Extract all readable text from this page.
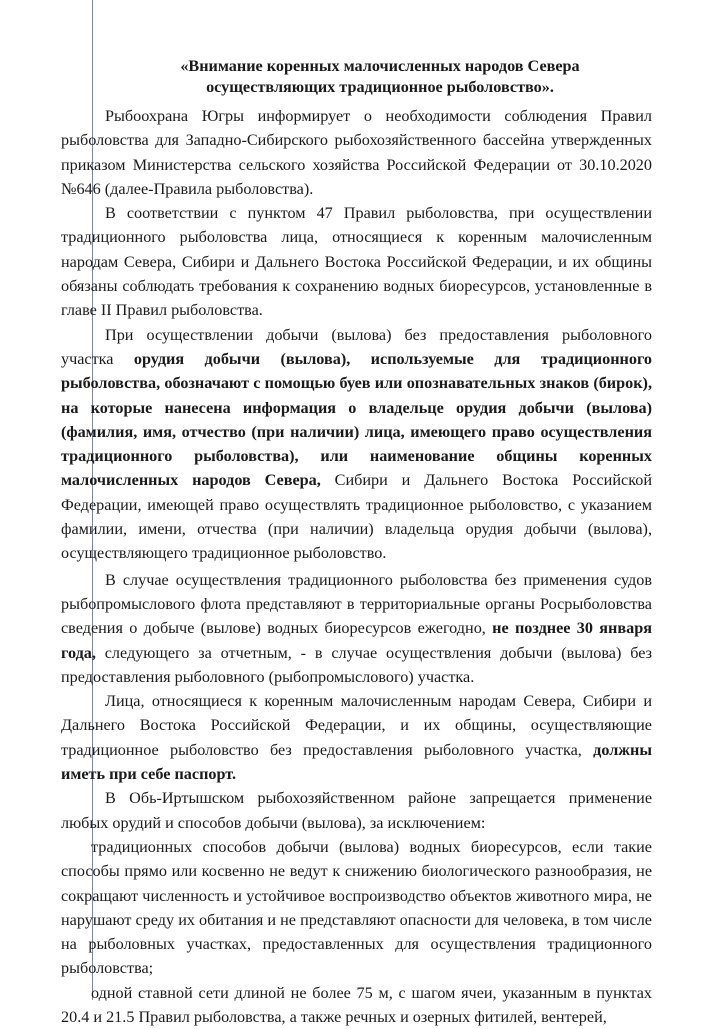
«Внимание коренных малочисленных народов Севера
осуществляющих традиционное рыболовство».

Рыбоохрана Югры информирует о необходимости соблюдения Правил рыболовства для Западно-Сибирского рыбохозяйственного бассейна утвержденных приказом Министерства сельского хозяйства Российской Федерации от 30.10.2020 №646 (далее-Правила рыболовства).

В соответствии с пунктом 47 Правил рыболовства, при осуществлении традиционного рыболовства лица, относящиеся к коренным малочисленным народам Севера, Сибири и Дальнего Востока Российской Федерации, и их общины обязаны соблюдать требования к сохранению водных биоресурсов, установленные в главе II Правил рыболовства.

При осуществлении добычи (вылова) без предоставления рыболовного участка орудия добычи (вылова), используемые для традиционного рыболовства, обозначают с помощью буев или опознавательных знаков (бирок), на которые нанесена информация о владельце орудия добычи (вылова) (фамилия, имя, отчество (при наличии) лица, имеющего право осуществления традиционного рыболовства), или наименование общины коренных малочисленных народов Севера, Сибири и Дальнего Востока Российской Федерации, имеющей право осуществлять традиционное рыболовство, с указанием фамилии, имени, отчества (при наличии) владельца орудия добычи (вылова), осуществляющего традиционное рыболовство.

В случае осуществления традиционного рыболовства без применения судов рыбопромыслового флота представляют в территориальные органы Росрыболовства сведения о добыче (вылове) водных биоресурсов ежегодно, не позднее 30 января года, следующего за отчетным, - в случае осуществления добычи (вылова) без предоставления рыболовного (рыбопромыслового) участка.

Лица, относящиеся к коренным малочисленным народам Севера, Сибири и Дальнего Востока Российской Федерации, и их общины, осуществляющие традиционное рыболовство без предоставления рыболовного участка, должны иметь при себе паспорт.

В Обь-Иртышском рыбохозяйственном районе запрещается применение любых орудий и способов добычи (вылова), за исключением:

традиционных способов добычи (вылова) водных биоресурсов, если такие способы прямо или косвенно не ведут к снижению биологического разнообразия, не сокращают численность и устойчивое воспроизводство объектов животного мира, не нарушают среду их обитания и не представляют опасности для человека, в том числе на рыболовных участках, предоставленных для осуществления традиционного рыболовства;

одной ставной сети длиной не более 75 м, с шагом ячеи, указанным в пунктах 20.4 и 21.5 Правил рыболовства, а также речных и озерных фитилей, вентерей,
